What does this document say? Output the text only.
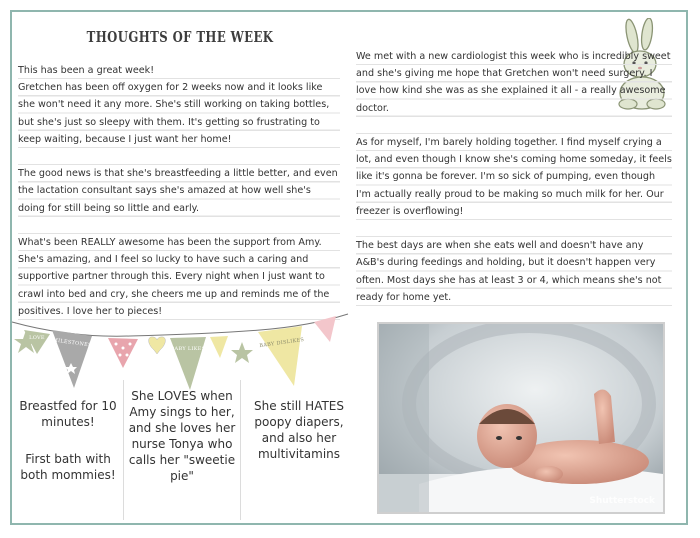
THOUGHTS OF THE WEEK

This has been a great week!
Gretchen has been off oxygen for 2 weeks now and it looks like she won't need it any more. She's still working on taking bottles, but she's just so sleepy with them. It's getting so frustrating to keep waiting, because I just want her home!

The good news is that she's breastfeeding a little better, and even the lactation consultant says she's amazed at how well she's doing for still being so little and early.

What's been REALLY awesome has been the support from Amy. She's amazing, and I feel so lucky to have such a caring and supportive partner through this. Every night when I just want to crawl into bed and cry, she cheers me up and reminds me of the positives. I love her to pieces!

We met with a new cardiologist this week who is incredibly sweet and she's giving me hope that Gretchen won't need surgery. I love how kind she was as she explained it all - a really awesome doctor.

As for myself, I'm barely holding together. I find myself crying a lot, and even though I know she's coming home someday, it feels like it's gonna be forever. I'm so sick of pumping, even though I'm actually really proud to be making so much milk for her. Our freezer is overflowing!

The best days are when she eats well and doesn't have any A&B's during feedings and holding, but it doesn't happen very often. Most days she has at least 3 or 4, which means she's not ready for home yet.

LOVE MILESTONES
BABY LIKES	BABY DISLIKES
Breastfed for 10 minutes!
First bath with both mommies!
She LOVES when Amy sings to her, and she loves her nurse Tonya who calls her "sweetie pie"
She still HATES poopy diapers, and also her multivitamins
Shutterstock
